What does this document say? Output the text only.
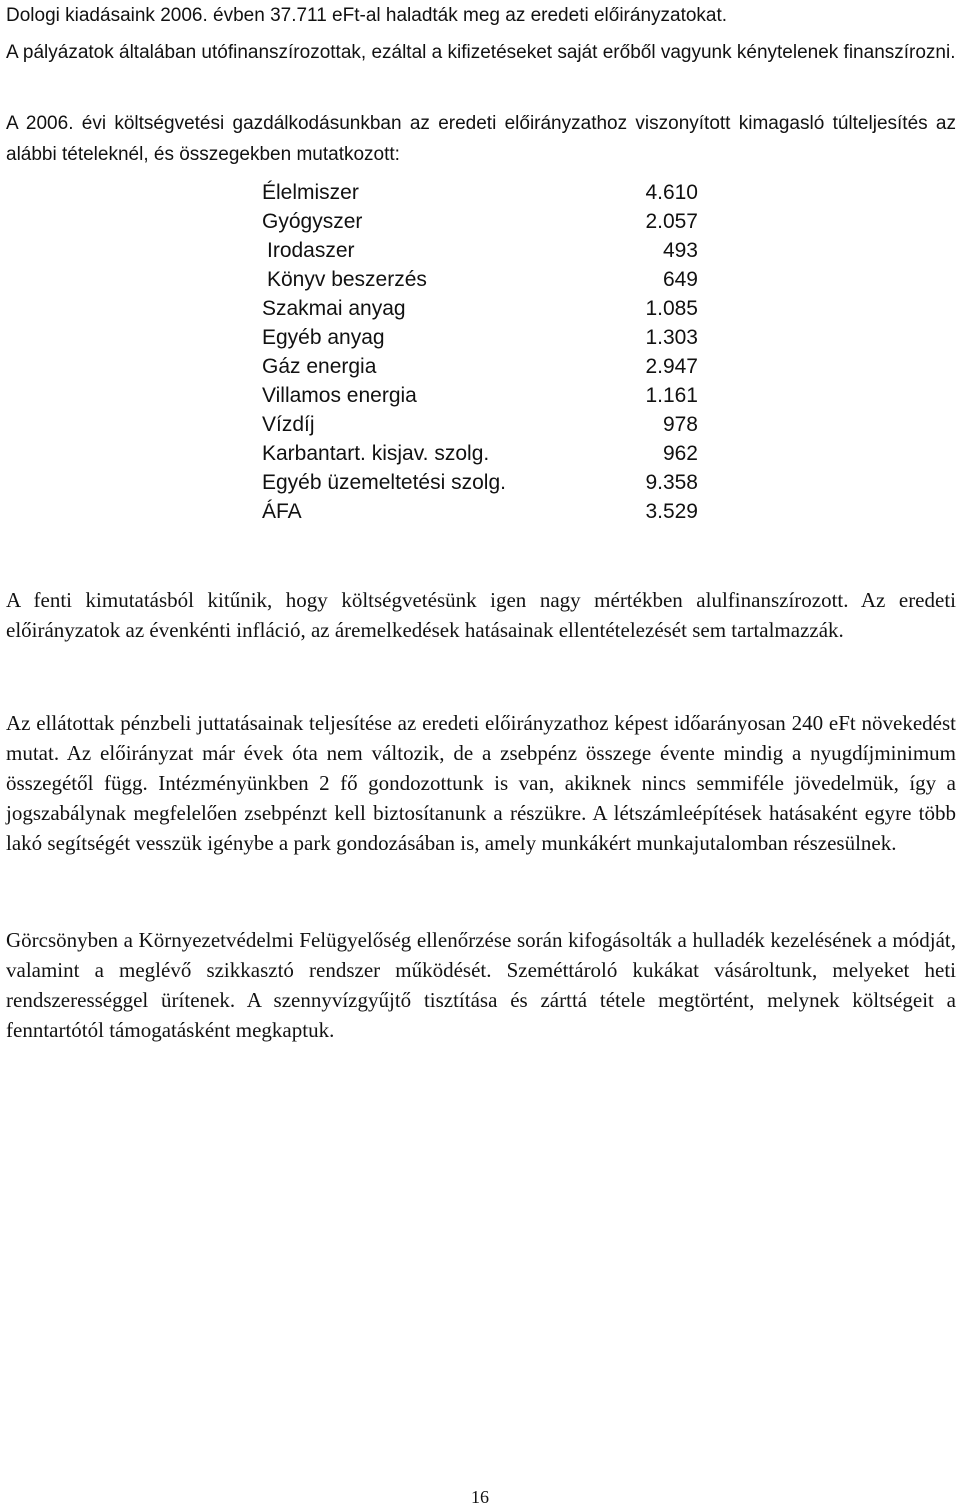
Dologi kiadásaink 2006. évben 37.711 eFt-al haladták meg az eredeti előirányzatokat.

A pályázatok általában utófinanszírozottak, ezáltal a kifizetéseket saját erőből vagyunk kénytelenek finanszírozni.

A 2006. évi költségvetési gazdálkodásunkban az eredeti előirányzathoz viszonyított kimagasló túlteljesítés az alábbi tételeknél, és összegekben mutatkozott:

Élelmiszer	4.610
Gyógyszer	2.057
Irodaszer	493
Könyv beszerzés	649
Szakmai anyag	1.085
Egyéb anyag	1.303
Gáz energia	2.947
Villamos energia	1.161
Vízdíj	978
Karbantart. kisjav. szolg.	962
Egyéb üzemeltetési szolg.	9.358
ÁFA	3.529

A fenti kimutatásból kitűnik, hogy költségvetésünk igen nagy mértékben alulfinanszírozott. Az eredeti előirányzatok az évenkénti infláció, az áremelkedések hatásainak ellentételezését sem tartalmazzák.

Az ellátottak pénzbeli juttatásainak teljesítése az eredeti előirányzathoz képest időarányosan 240 eFt növekedést mutat. Az előirányzat már évek óta nem változik, de a zsebpénz összege évente mindig a nyugdíjminimum összegétől függ. Intézményünkben 2 fő gondozottunk is van, akiknek nincs semmiféle jövedelmük, így a jogszabálynak megfelelően zsebpénzt kell biztosítanunk a részükre. A létszámleépítések hatásaként egyre több lakó segítségét vesszük igénybe a park gondozásában is, amely munkákért munkajutalomban részesülnek.

Görcsönyben a Környezetvédelmi Felügyelőség ellenőrzése során kifogásolták a hulladék kezelésének a módját, valamint a meglévő szikkasztó rendszer működését. Szeméttároló kukákat vásároltunk, melyeket heti rendszerességgel ürítenek. A szennyvízgyűjtő tisztítása és zárttá tétele megtörtént, melynek költségeit a fenntartótól támogatásként megkaptuk.

16
